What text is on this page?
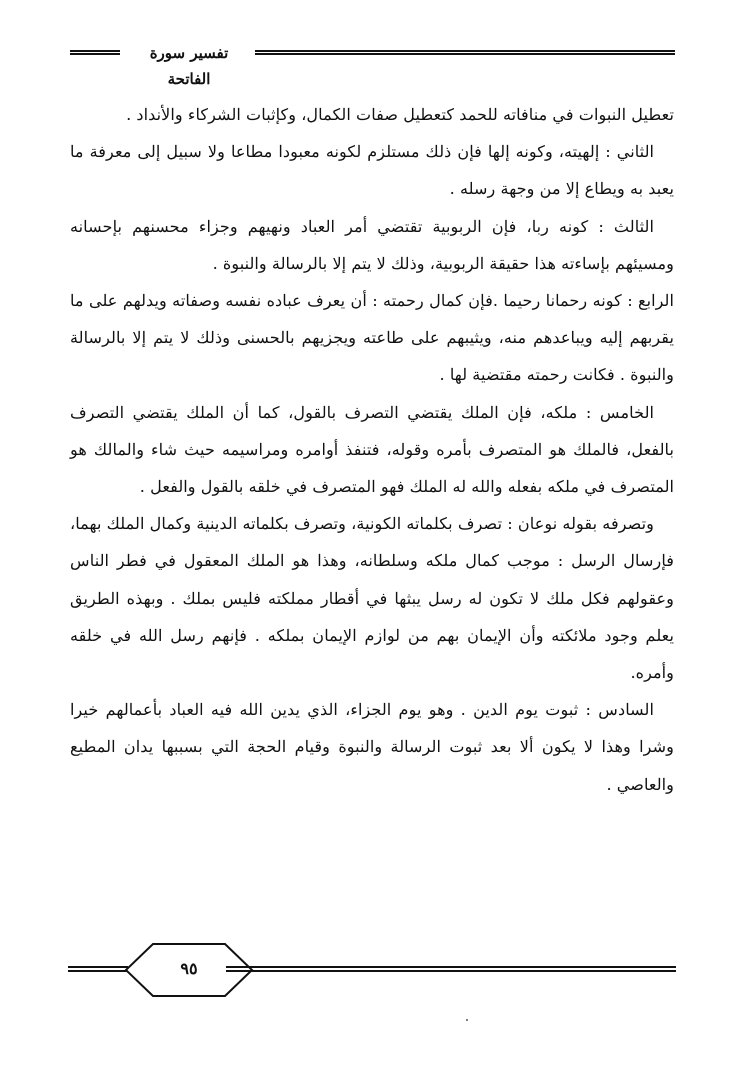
تفسير سورة الفاتحة

تعطيل النبوات في منافاته للحمد كتعطيل صفات الكمال، وكإثبات الشركاء والأنداد .

الثاني : إلهيته، وكونه إلها فإن ذلك مستلزم لكونه معبودا مطاعا ولا سبيل إلى معرفة ما يعبد به ويطاع إلا من وجهة رسله .

الثالث : كونه ربا، فإن الربوبية تقتضي أمر العباد ونهيهم وجزاء محسنهم بإحسانه ومسيئهم بإساءته هذا حقيقة الربوبية، وذلك لا يتم إلا بالرسالة والنبوة .

الرابع : كونه رحمانا رحيما .فإن كمال رحمته : أن يعرف عباده نفسه وصفاته ويدلهم على ما يقربهم إليه ويباعدهم منه، ويثيبهم على طاعته ويجزيهم بالحسنى وذلك لا يتم إلا بالرسالة والنبوة . فكانت رحمته مقتضية لها .

الخامس : ملكه، فإن الملك يقتضي التصرف بالقول، كما أن الملك يقتضي التصرف بالفعل، فالملك هو المتصرف بأمره وقوله، فتنفذ أوامره ومراسيمه حيث شاء والمالك هو المتصرف في ملكه بفعله والله له الملك فهو المتصرف في خلقه بالقول والفعل .

وتصرفه بقوله نوعان : تصرف بكلماته الكونية، وتصرف بكلماته الدينية وكمال الملك بهما، فإرسال الرسل : موجب كمال ملكه وسلطانه، وهذا هو الملك المعقول في فطر الناس وعقولهم فكل ملك لا تكون له رسل يبثها في أقطار مملكته فليس بملك . وبهذه الطريق يعلم وجود ملائكته وأن الإيمان بهم من لوازم الإيمان بملكه . فإنهم رسل الله في خلقه وأمره.

السادس : ثبوت يوم الدين . وهو يوم الجزاء، الذي يدين الله فيه العباد بأعمالهم خيرا وشرا وهذا لا يكون ألا بعد ثبوت الرسالة والنبوة وقيام الحجة التي بسببها يدان المطيع والعاصي .

٩٥
